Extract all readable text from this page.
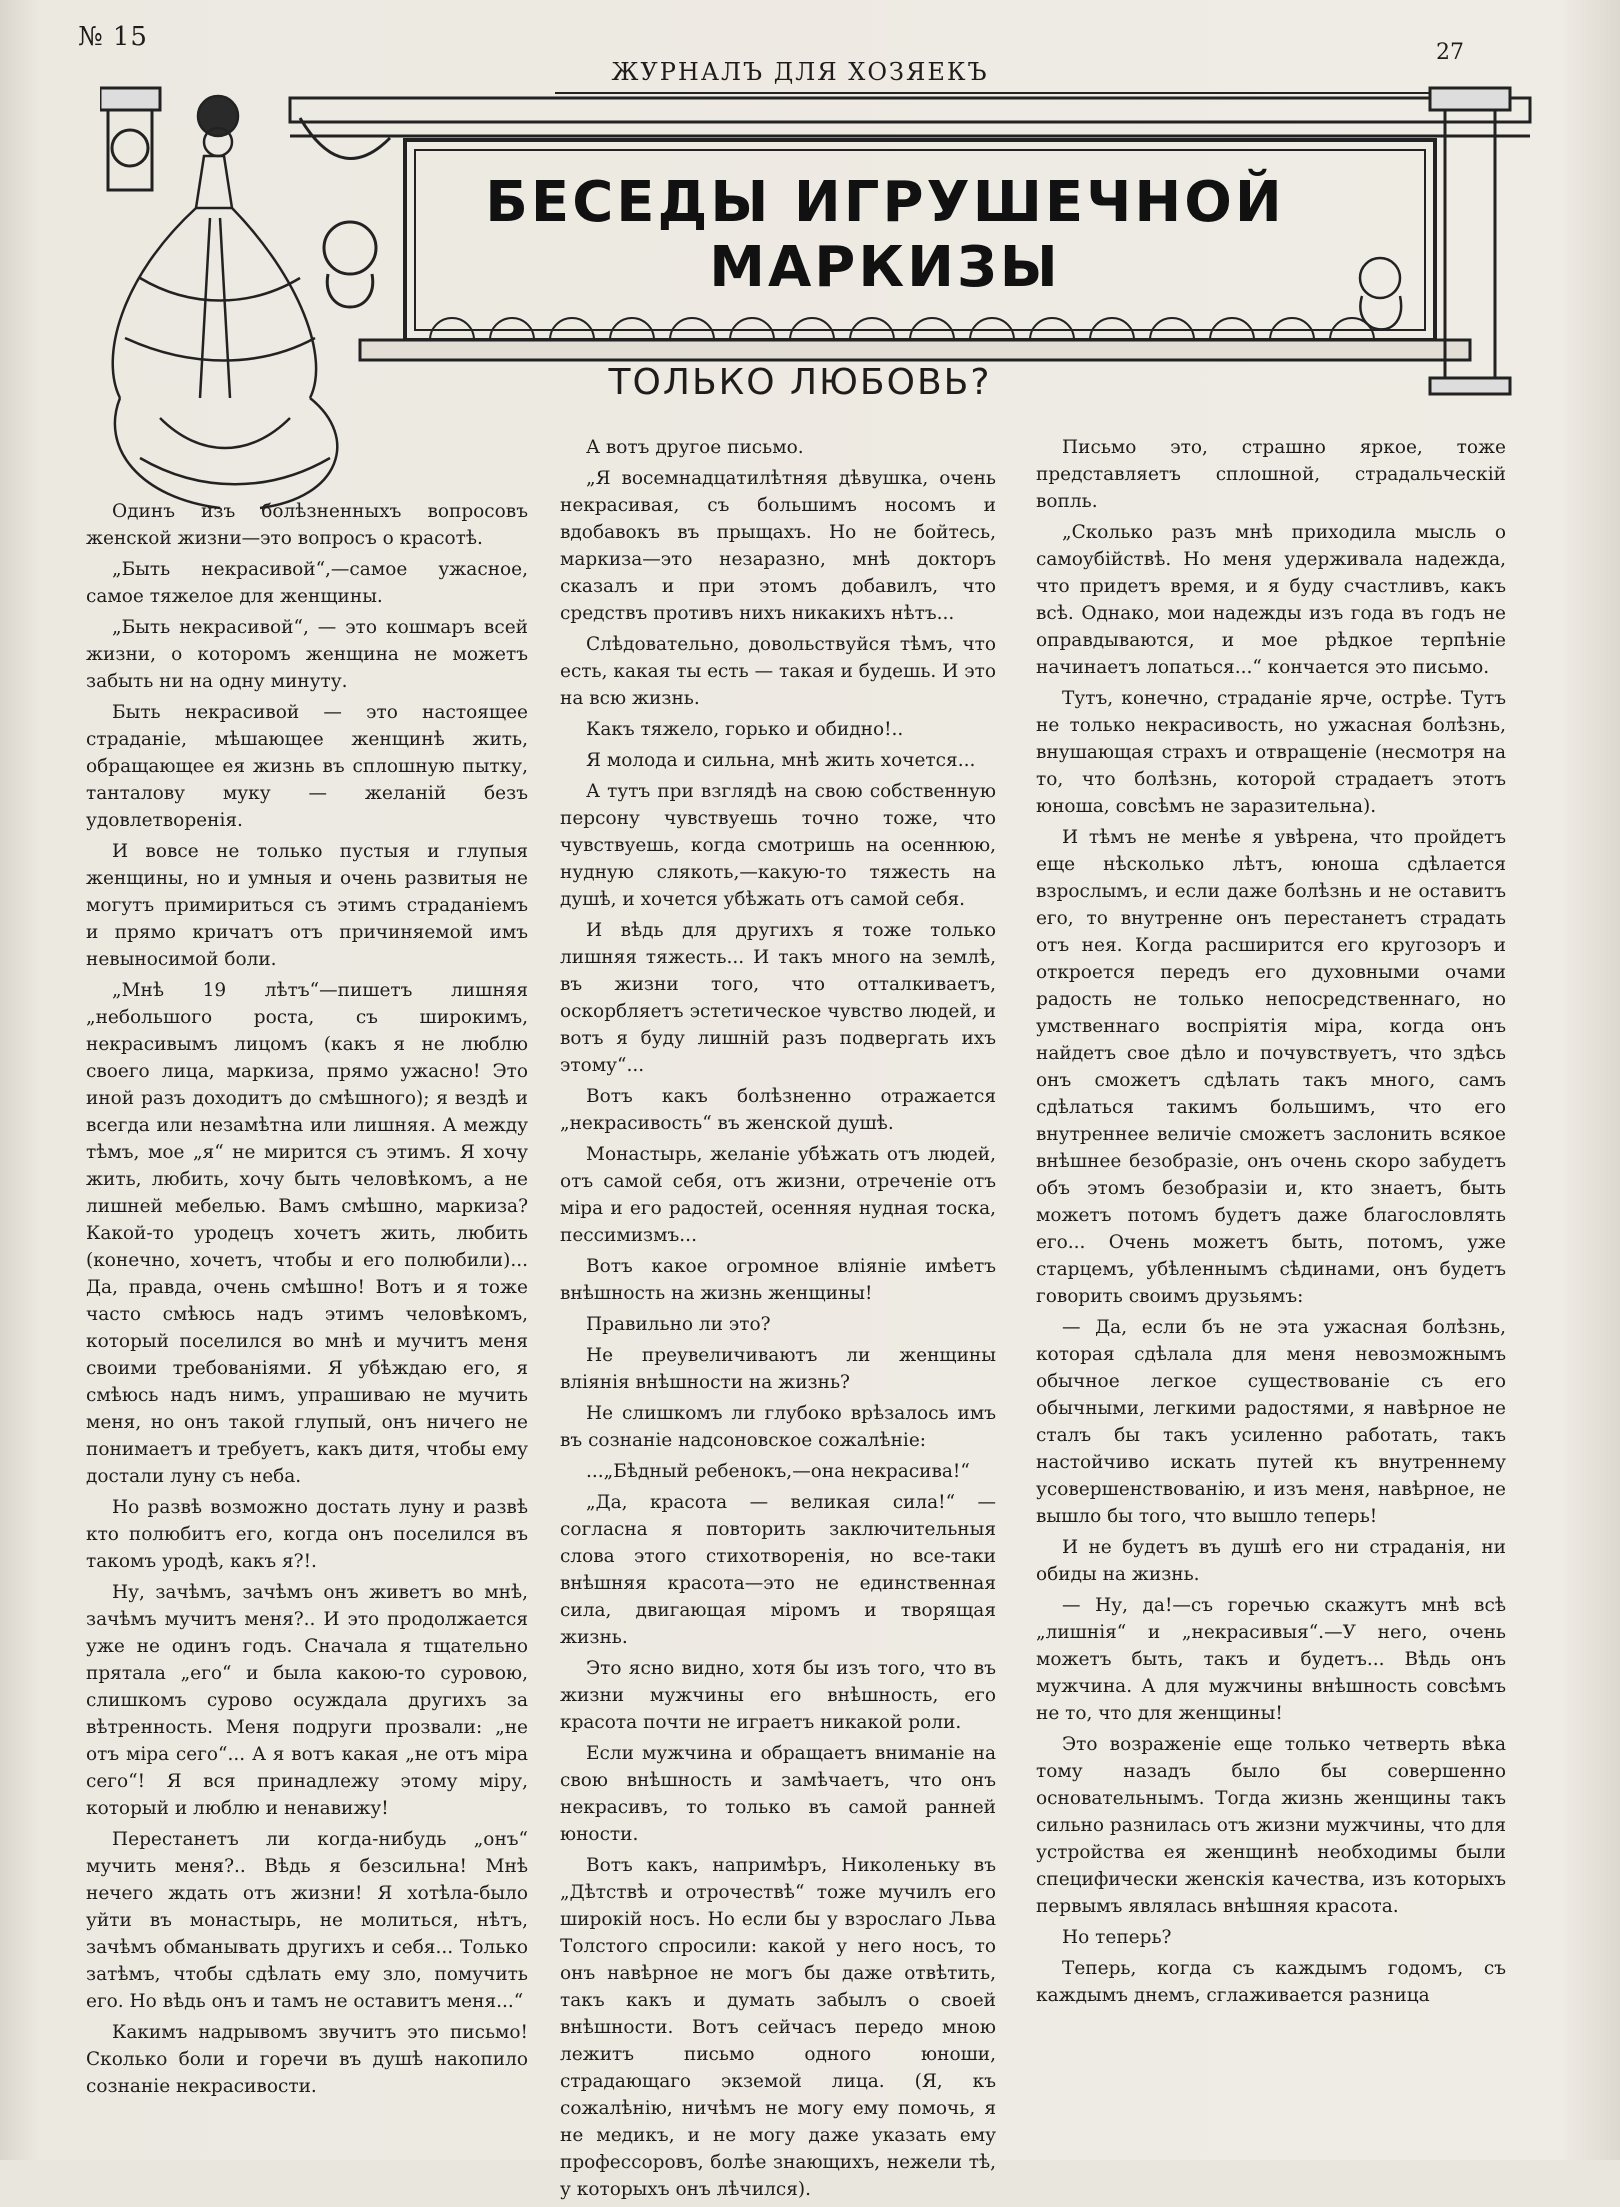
№ 15
ЖУРНАЛЪ ДЛЯ ХОЗЯЕКЪ
27
БЕСЕДЫ ИГРУШЕЧНОЙ МАРКИЗЫ
ТОЛЬКО ЛЮБОВЬ?

Одинъ изъ болѣзненныхъ вопросовъ женской жизни—это вопросъ о красотѣ.

„Быть некрасивой“,—самое ужасное, самое тяжелое для женщины.

„Быть некрасивой“, — это кошмаръ всей жизни, о которомъ женщина не можетъ забыть ни на одну минуту.

Быть некрасивой — это настоящее страданіе, мѣшающее женщинѣ жить, обращающее ея жизнь въ сплошную пытку, танталову муку — желаній безъ удовлетворенія.

И вовсе не только пустыя и глупыя женщины, но и умныя и очень развитыя не могутъ примириться съ этимъ страданіемъ и прямо кричатъ отъ причиняемой имъ невыносимой боли.

„Мнѣ 19 лѣтъ“—пишетъ лишняя „небольшого роста, съ широкимъ, некрасивымъ лицомъ (какъ я не люблю своего лица, маркиза, прямо ужасно! Это иной разъ доходитъ до смѣшного); я вездѣ и всегда или незамѣтна или лишняя. А между тѣмъ, мое „я“ не мирится съ этимъ. Я хочу жить, любить, хочу быть человѣкомъ, а не лишней мебелью. Вамъ смѣшно, маркиза? Какой-то уродецъ хочетъ жить, любить (конечно, хочетъ, чтобы и его полюбили)... Да, правда, очень смѣшно! Вотъ и я тоже часто смѣюсь надъ этимъ человѣкомъ, который поселился во мнѣ и мучитъ меня своими требованіями. Я убѣждаю его, я смѣюсь надъ нимъ, упрашиваю не мучить меня, но онъ такой глупый, онъ ничего не понимаетъ и требуетъ, какъ дитя, чтобы ему достали луну съ неба.

Но развѣ возможно достать луну и развѣ кто полюбитъ его, когда онъ поселился въ такомъ уродѣ, какъ я?!.

Ну, зачѣмъ, зачѣмъ онъ живетъ во мнѣ, зачѣмъ мучитъ меня?.. И это продолжается уже не одинъ годъ. Сначала я тщательно прятала „его“ и была какою-то суровою, слишкомъ сурово осуждала другихъ за вѣтренность. Меня подруги прозвали: „не отъ міра сего“... А я вотъ какая „не отъ міра сего“! Я вся принадлежу этому міру, который и люблю и ненавижу!

Перестанетъ ли когда-нибудь „онъ“ мучить меня?.. Вѣдь я безсильна! Мнѣ нечего ждать отъ жизни! Я хотѣла-было уйти въ монастырь, не молиться, нѣтъ, зачѣмъ обманывать другихъ и себя... Только затѣмъ, чтобы сдѣлать ему зло, помучить его. Но вѣдь онъ и тамъ не оставитъ меня...“

Какимъ надрывомъ звучитъ это письмо! Сколько боли и горечи въ душѣ накопило сознаніе некрасивости.

А вотъ другое письмо.

„Я восемнадцатилѣтняя дѣвушка, очень некрасивая, съ большимъ носомъ и вдобавокъ въ прыщахъ. Но не бойтесь, маркиза—это незаразно, мнѣ докторъ сказалъ и при этомъ добавилъ, что средствъ противъ нихъ никакихъ нѣтъ...

Слѣдовательно, довольствуйся тѣмъ, что есть, какая ты есть — такая и будешь. И это на всю жизнь.

Какъ тяжело, горько и обидно!..

Я молода и сильна, мнѣ жить хочется...

А тутъ при взглядѣ на свою собственную персону чувствуешь точно тоже, что чувствуешь, когда смотришь на осеннюю, нудную слякоть,—какую-то тяжесть на душѣ, и хочется убѣжать отъ самой себя.

И вѣдь для другихъ я тоже только лишняя тяжесть... И такъ много на землѣ, въ жизни того, что отталкиваетъ, оскорбляетъ эстетическое чувство людей, и вотъ я буду лишній разъ подвергать ихъ этому“...

Вотъ какъ болѣзненно отражается „некрасивость“ въ женской душѣ.

Монастырь, желаніе убѣжать отъ людей, отъ самой себя, отъ жизни, отреченіе отъ міра и его радостей, осенняя нудная тоска, пессимизмъ...

Вотъ какое огромное вліяніе имѣетъ внѣшность на жизнь женщины!

Правильно ли это?

Не преувеличиваютъ ли женщины вліянія внѣшности на жизнь?

Не слишкомъ ли глубоко врѣзалось имъ въ сознаніе надсоновское сожалѣніе:

...„Бѣдный ребенокъ,—она некрасива!“

„Да, красота — великая сила!“ — согласна я повторить заключительныя слова этого стихотворенія, но все-таки внѣшняя красота—это не единственная сила, двигающая міромъ и творящая жизнь.

Это ясно видно, хотя бы изъ того, что въ жизни мужчины его внѣшность, его красота почти не играетъ никакой роли.

Если мужчина и обращаетъ вниманіе на свою внѣшность и замѣчаетъ, что онъ некрасивъ, то только въ самой ранней юности.

Вотъ какъ, напримѣръ, Николеньку въ „Дѣтствѣ и отрочествѣ“ тоже мучилъ его широкій носъ. Но если бы у взрослаго Льва Толстого спросили: какой у него носъ, то онъ навѣрное не могъ бы даже отвѣтить, такъ какъ и думать забылъ о своей внѣшности. Вотъ сейчасъ передо мною лежитъ письмо одного юноши, страдающаго экземой лица. (Я, къ сожалѣнію, ничѣмъ не могу ему помочь, я не медикъ, и не могу даже указать ему профессоровъ, болѣе знающихъ, нежели тѣ, у которыхъ онъ лѣчился).

Письмо это, страшно яркое, тоже представляетъ сплошной, страдальческій вопль.

„Сколько разъ мнѣ приходила мысль о самоубійствѣ. Но меня удерживала надежда, что придетъ время, и я буду счастливъ, какъ всѣ. Однако, мои надежды изъ года въ годъ не оправдываются, и мое рѣдкое терпѣніе начинаетъ лопаться...“ кончается это письмо.

Тутъ, конечно, страданіе ярче, острѣе. Тутъ не только некрасивость, но ужасная болѣзнь, внушающая страхъ и отвращеніе (несмотря на то, что болѣзнь, которой страдаетъ этотъ юноша, совсѣмъ не заразительна).

И тѣмъ не менѣе я увѣрена, что пройдетъ еще нѣсколько лѣтъ, юноша сдѣлается взрослымъ, и если даже болѣзнь и не оставитъ его, то внутренне онъ перестанетъ страдать отъ нея. Когда расширится его кругозоръ и откроется передъ его духовными очами радость не только непосредственнаго, но умственнаго воспріятія міра, когда онъ найдетъ свое дѣло и почувствуетъ, что здѣсь онъ сможетъ сдѣлать такъ много, самъ сдѣлаться такимъ большимъ, что его внутреннее величіе сможетъ заслонить всякое внѣшнее безобразіе, онъ очень скоро забудетъ объ этомъ безобразіи и, кто знаетъ, быть можетъ потомъ будетъ даже благословлять его... Очень можетъ быть, потомъ, уже старцемъ, убѣленнымъ сѣдинами, онъ будетъ говорить своимъ друзьямъ:

— Да, если бъ не эта ужасная болѣзнь, которая сдѣлала для меня невозможнымъ обычное легкое существованіе съ его обычными, легкими радостями, я навѣрное не сталъ бы такъ усиленно работать, такъ настойчиво искать путей къ внутреннему усовершенствованію, и изъ меня, навѣрное, не вышло бы того, что вышло теперь!

И не будетъ въ душѣ его ни страданія, ни обиды на жизнь.

— Ну, да!—съ горечью скажутъ мнѣ всѣ „лишнія“ и „некрасивыя“.—У него, очень можетъ быть, такъ и будетъ... Вѣдь онъ мужчина. А для мужчины внѣшность совсѣмъ не то, что для женщины!

Это возраженіе еще только четверть вѣка тому назадъ было бы совершенно основательнымъ. Тогда жизнь женщины такъ сильно разнилась отъ жизни мужчины, что для устройства ея женщинѣ необходимы были специфически женскія качества, изъ которыхъ первымъ являлась внѣшняя красота.

Но теперь?

Теперь, когда съ каждымъ годомъ, съ каждымъ днемъ, сглаживается разница
